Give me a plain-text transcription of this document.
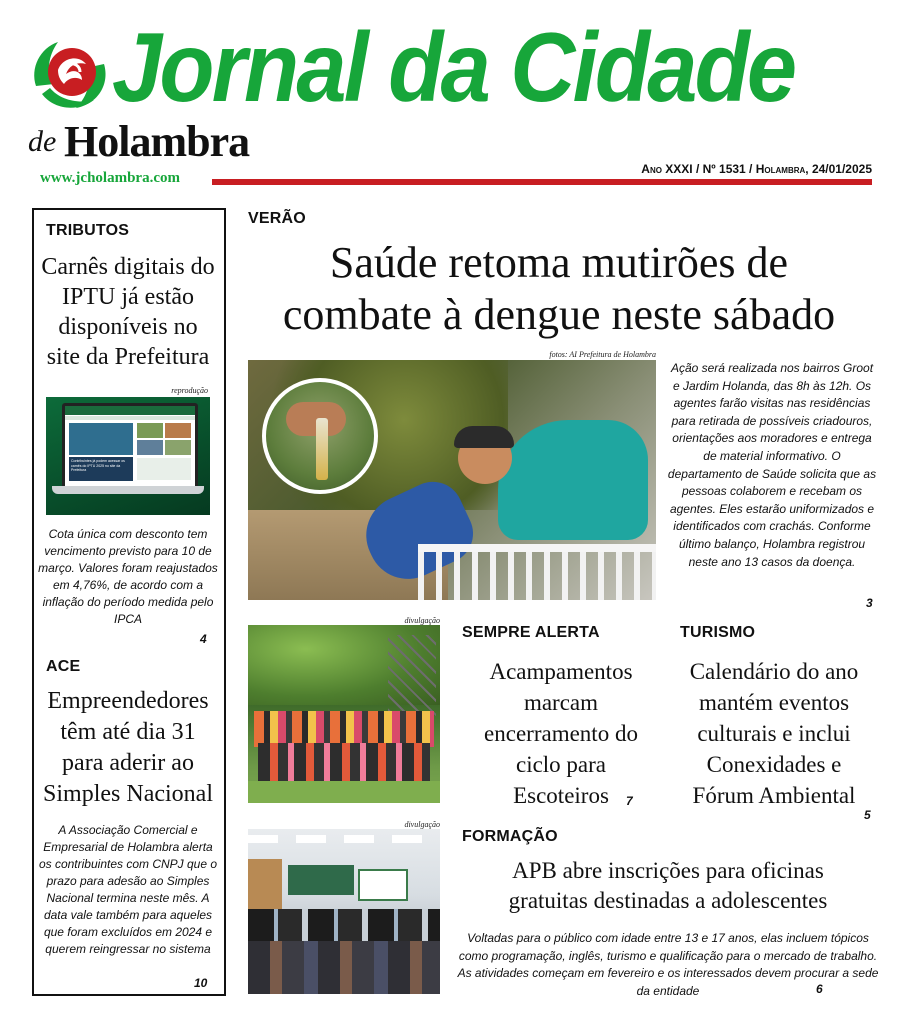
Jornal da Cidade
de Holambra
www.jcholambra.com
Ano XXXI / Nº 1531 / Holambra, 24/01/2025
TRIBUTOS
Carnês digitais do IPTU já estão disponíveis no site da Prefeitura
reprodução
Contribuintes já podem acessar os carnês do IPTU 2025 no site da Prefeitura
Cota única com desconto tem vencimento previsto para 10 de março. Valores foram reajustados em 4,76%, de acordo com a inflação do período medida pelo IPCA
4
ACE
Empreendedores têm até dia 31 para aderir ao Simples Nacional
A Associação Comercial e Empresarial de Holambra alerta os contribuintes com CNPJ que o prazo para adesão ao Simples Nacional termina neste mês. A data vale também para aqueles que foram excluídos em 2024 e querem reingressar no sistema
10
VERÃO
Saúde retoma mutirões de
combate à dengue neste sábado
fotos: AI Prefeitura de Holambra
Ação será realizada nos bairros Groot e Jardim Holanda, das 8h às 12h. Os agentes farão visitas nas residências para retirada de possíveis criadouros, orientações aos moradores e entrega de material informativo. O departamento de Saúde solicita que as pessoas colaborem e recebam os agentes. Eles estarão uniformizados e identificados com crachás. Conforme último balanço, Holambra registrou neste ano 13 casos da doença.
3
divulgação
SEMPRE ALERTA
Acampamentos marcam encerramento do ciclo para Escoteiros	7
TURISMO
Calendário do ano mantém eventos culturais e inclui Conexidades e Fórum Ambiental
5
divulgação
FORMAÇÃO
APB abre inscrições para oficinas
gratuitas destinadas a adolescentes
Voltadas para o público com idade entre 13 e 17 anos, elas incluem tópicos como programação, inglês, turismo e qualificação para o mercado de trabalho. As atividades começam em fevereiro e os interessados devem procurar a sede da entidade	6
